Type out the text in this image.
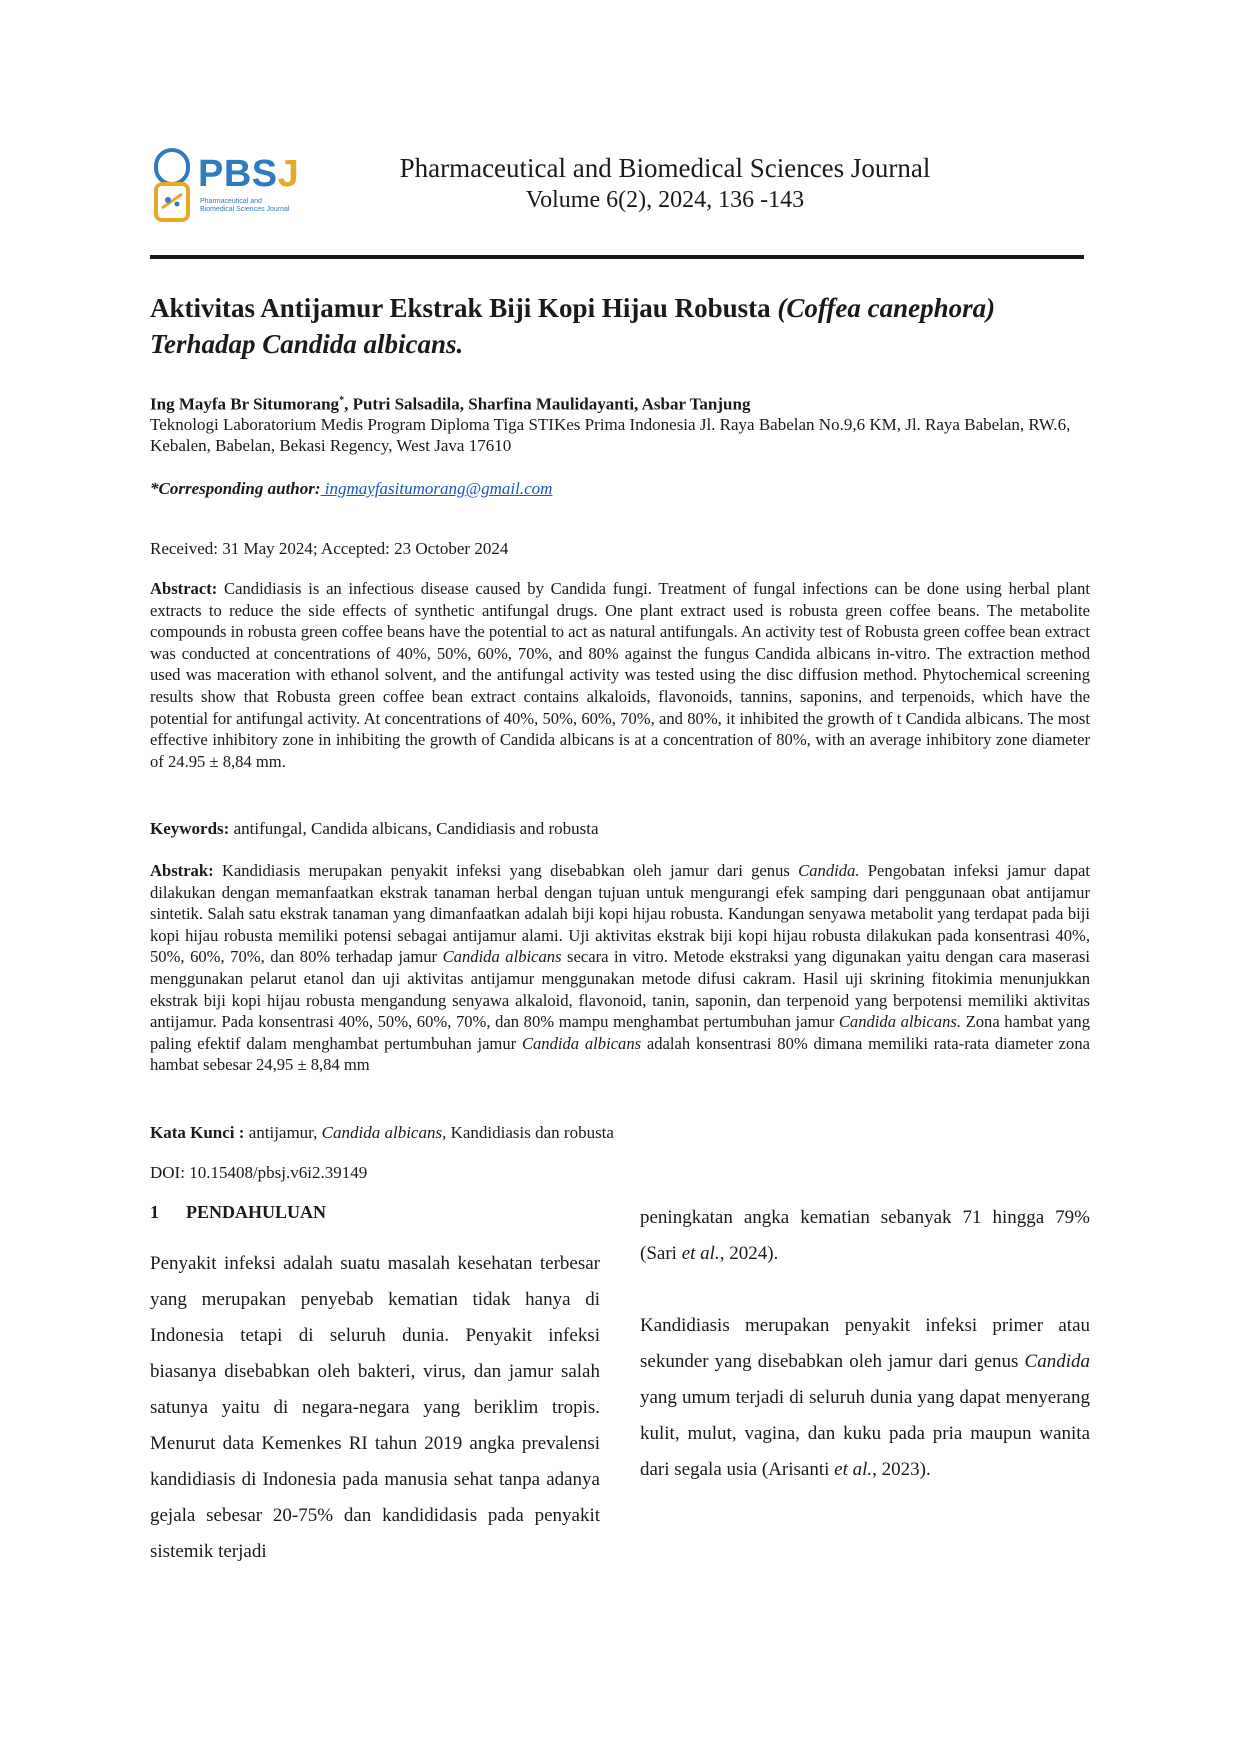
PBSJ
Pharmaceutical and
Biomedical Sciences Journal
Pharmaceutical and Biomedical Sciences Journal
Volume 6(2), 2024, 136 -143
Aktivitas Antijamur Ekstrak Biji Kopi Hijau Robusta (Coffea canephora)
Terhadap Candida albicans.
Ing Mayfa Br Situmorang*, Putri Salsadila, Sharfina Maulidayanti, Asbar Tanjung
Teknologi Laboratorium Medis Program Diploma Tiga STIKes Prima Indonesia Jl. Raya Babelan No.9,6 KM, Jl. Raya Babelan, RW.6, Kebalen, Babelan, Bekasi Regency, West Java 17610
*Corresponding author: ingmayfasitumorang@gmail.com
Received: 31 May 2024; Accepted: 23 October 2024
Abstract: Candidiasis is an infectious disease caused by Candida fungi. Treatment of fungal infections can be done using herbal plant extracts to reduce the side effects of synthetic antifungal drugs. One plant extract used is robusta green coffee beans. The metabolite compounds in robusta green coffee beans have the potential to act as natural antifungals. An activity test of Robusta green coffee bean extract was conducted at concentrations of 40%, 50%, 60%, 70%, and 80% against the fungus Candida albicans in-vitro. The extraction method used was maceration with ethanol solvent, and the antifungal activity was tested using the disc diffusion method. Phytochemical screening results show that Robusta green coffee bean extract contains alkaloids, flavonoids, tannins, saponins, and terpenoids, which have the potential for antifungal activity. At concentrations of 40%, 50%, 60%, 70%, and 80%, it inhibited the growth of t Candida albicans. The most effective inhibitory zone in inhibiting the growth of Candida albicans is at a concentration of 80%, with an average inhibitory zone diameter of 24.95 ± 8,84 mm.
Keywords: antifungal, Candida albicans, Candidiasis and robusta
Abstrak: Kandidiasis merupakan penyakit infeksi yang disebabkan oleh jamur dari genus Candida. Pengobatan infeksi jamur dapat dilakukan dengan memanfaatkan ekstrak tanaman herbal dengan tujuan untuk mengurangi efek samping dari penggunaan obat antijamur sintetik. Salah satu ekstrak tanaman yang dimanfaatkan adalah biji kopi hijau robusta. Kandungan senyawa metabolit yang terdapat pada biji kopi hijau robusta memiliki potensi sebagai antijamur alami. Uji aktivitas ekstrak biji kopi hijau robusta dilakukan pada konsentrasi 40%, 50%, 60%, 70%, dan 80% terhadap jamur Candida albicans secara in vitro. Metode ekstraksi yang digunakan yaitu dengan cara maserasi menggunakan pelarut etanol dan uji aktivitas antijamur menggunakan metode difusi cakram. Hasil uji skrining fitokimia menunjukkan ekstrak biji kopi hijau robusta mengandung senyawa alkaloid, flavonoid, tanin, saponin, dan terpenoid yang berpotensi memiliki aktivitas antijamur. Pada konsentrasi 40%, 50%, 60%, 70%, dan 80% mampu menghambat pertumbuhan jamur Candida albicans. Zona hambat yang paling efektif dalam menghambat pertumbuhan jamur Candida albicans adalah konsentrasi 80% dimana memiliki rata-rata diameter zona hambat sebesar 24,95 ± 8,84 mm
Kata Kunci : antijamur, Candida albicans, Kandidiasis dan robusta
DOI: 10.15408/pbsj.v6i2.39149
1 PENDAHULUAN

Penyakit infeksi adalah suatu masalah kesehatan terbesar yang merupakan penyebab kematian tidak hanya di Indonesia tetapi di seluruh dunia. Penyakit infeksi biasanya disebabkan oleh bakteri, virus, dan jamur salah satunya yaitu di negara-negara yang beriklim tropis. Menurut data Kemenkes RI tahun 2019 angka prevalensi kandidiasis di Indonesia pada manusia sehat tanpa adanya gejala sebesar 20-75% dan kandididasis pada penyakit sistemik terjadi

peningkatan angka kematian sebanyak 71 hingga 79% (Sari et al., 2024).

Kandidiasis merupakan penyakit infeksi primer atau sekunder yang disebabkan oleh jamur dari genus Candida yang umum terjadi di seluruh dunia yang dapat menyerang kulit, mulut, vagina, dan kuku pada pria maupun wanita dari segala usia (Arisanti et al., 2023).
